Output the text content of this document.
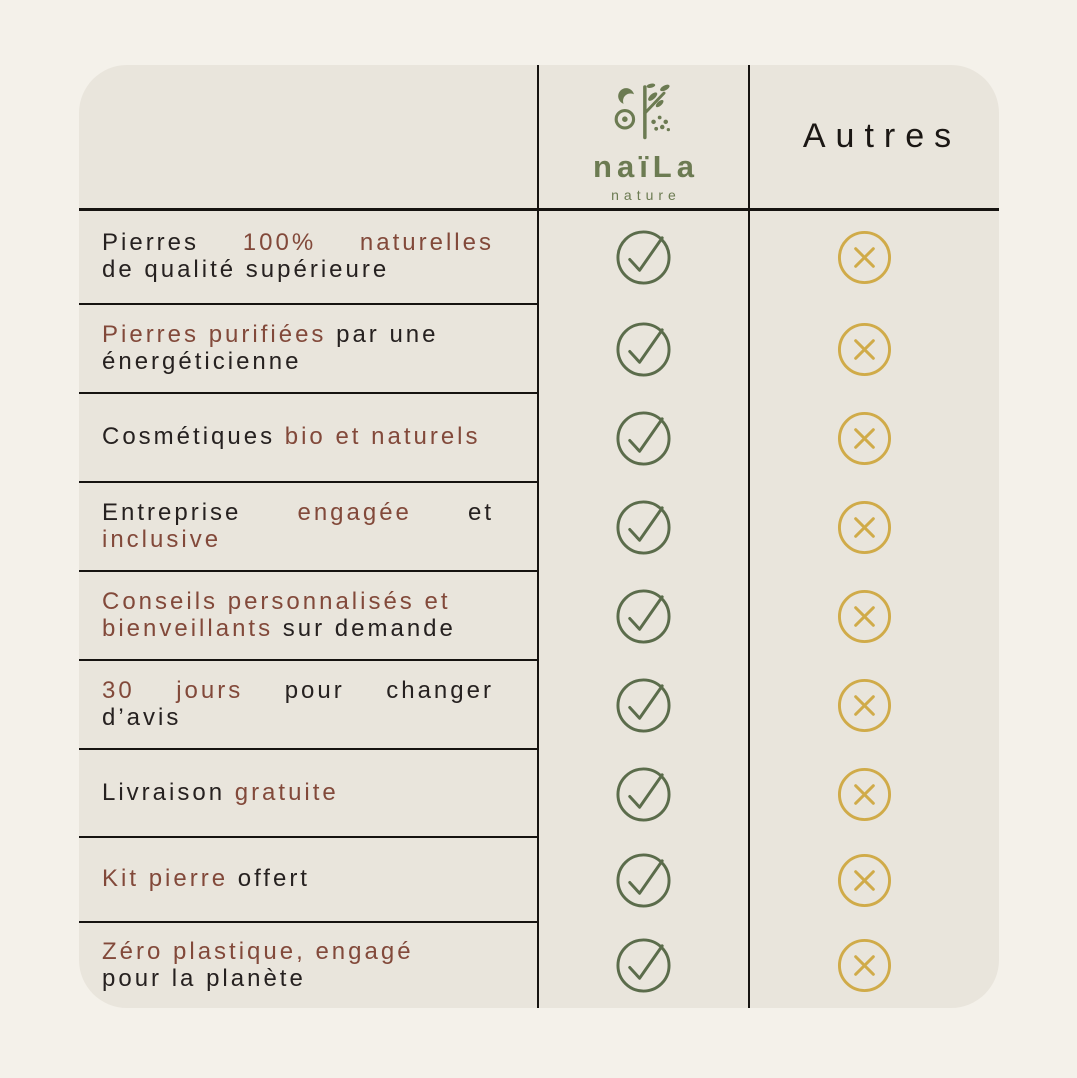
naïLa
nature
Autres
Pierres 100% naturelles
de qualité supérieure
Pierres purifiées par une
énergéticienne
Cosmétiques bio et naturels
Entreprise engagée et
inclusive
Conseils personnalisés et
bienveillants sur demande
30 jours pour changer
d’avis
Livraison gratuite
Kit pierre offert
Zéro plastique, engagé
pour la planète
